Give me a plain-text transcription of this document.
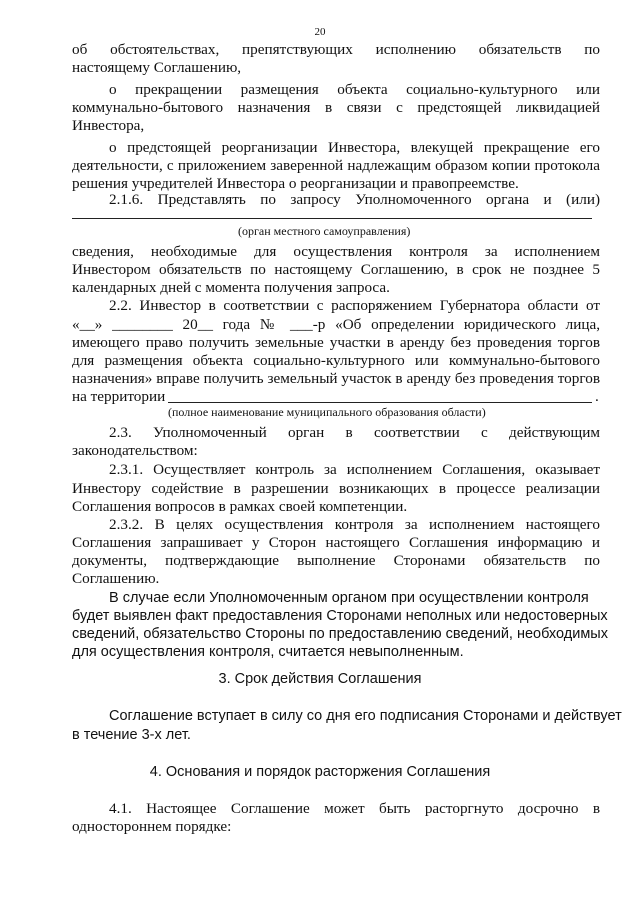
20
об обстоятельствах, препятствующих исполнению обязательств по
настоящему Соглашению,
о прекращении размещения объекта социально-культурного или
коммунально-бытового назначения в связи с предстоящей ликвидацией
Инвестора,
о предстоящей реорганизации Инвестора, влекущей прекращение его
деятельности, с приложением заверенной надлежащим образом копии протокола
решения учредителей Инвестора о реорганизации и правопреемстве.
2.1.6. Представлять по запросу Уполномоченного органа и (или)
(орган местного самоуправления)
сведения, необходимые для осуществления контроля за исполнением
Инвестором обязательств по настоящему Соглашению, в срок не позднее 5
календарных дней с момента получения запроса.
2.2. Инвестор в соответствии с распоряжением Губернатора области от
«__» ________ 20__ года № ___-р «Об определении юридического лица,
имеющего право получить земельные участки в аренду без проведения торгов
для размещения объекта социально-культурного или коммунально-бытового
назначения» вправе получить земельный участок в аренду без проведения торгов
на территории	.
(полное наименование муниципального образования области)
2.3. Уполномоченный орган в соответствии с действующим
законодательством:
2.3.1. Осуществляет контроль за исполнением Соглашения, оказывает
Инвестору содействие в разрешении возникающих в процессе реализации
Соглашения вопросов в рамках своей компетенции.
2.3.2. В целях осуществления контроля за исполнением настоящего
Соглашения запрашивает у Сторон настоящего Соглашения информацию и
документы, подтверждающие выполнение Сторонами обязательств по
Соглашению.
В случае если Уполномоченным органом при осуществлении контроля
будет выявлен факт предоставления Сторонами неполных или недостоверных
сведений, обязательство Стороны по предоставлению сведений, необходимых
для осуществления контроля, считается невыполненным.
3. Срок действия Соглашения
Соглашение вступает в силу со дня его подписания Сторонами и действует
в течение 3-х лет.
4. Основания и порядок расторжения Соглашения
4.1. Настоящее Соглашение может быть расторгнуто досрочно в
одностороннем порядке:
